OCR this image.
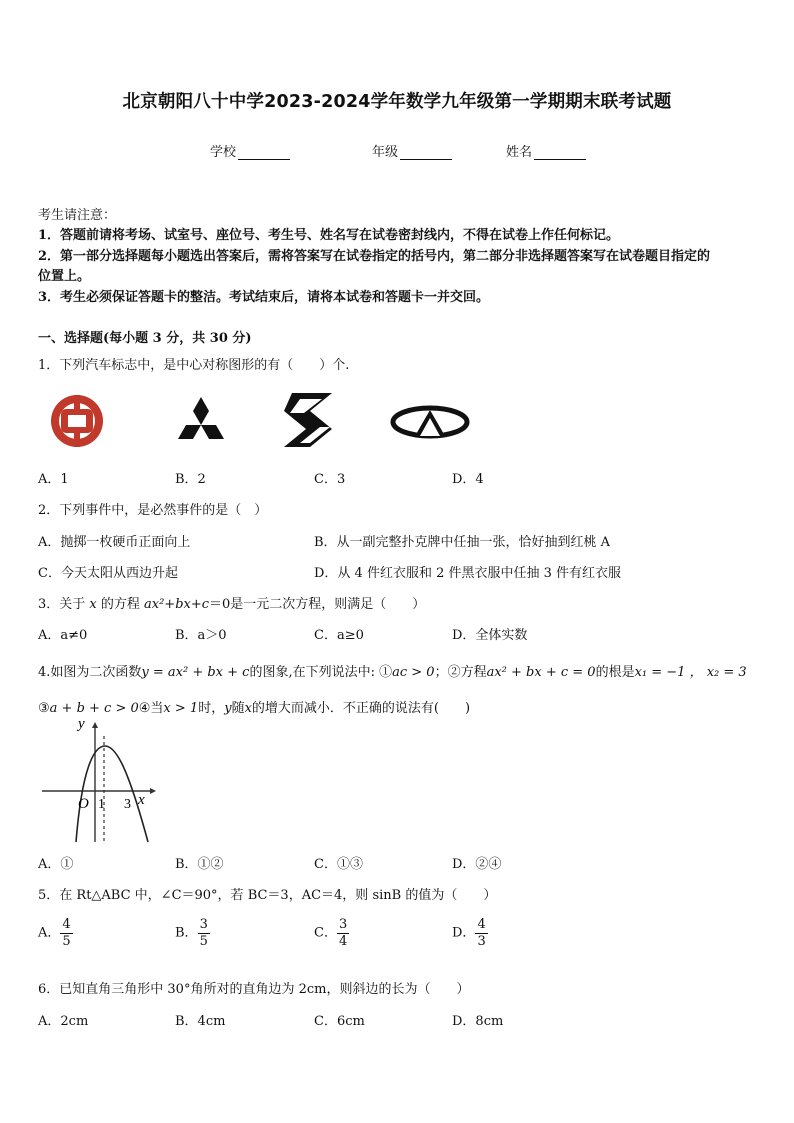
北京朝阳八十中学2023-2024学年数学九年级第一学期期末联考试题
学校	年级	姓名
考生请注意：
1．答题前请将考场、试室号、座位号、考生号、姓名写在试卷密封线内，不得在试卷上作任何标记。
2．第一部分选择题每小题选出答案后，需将答案写在试卷指定的括号内，第二部分非选择题答案写在试卷题目指定的
位置上。
3．考生必须保证答题卡的整洁。考试结束后，请将本试卷和答题卡一并交回。
一、选择题(每小题 3 分，共 30 分)
1．下列汽车标志中，是中心对称图形的有（　　）个.
A．1	B．2	C．3	D．4
2．下列事件中，是必然事件的是（　）
A．抛掷一枚硬币正面向上	B．从一副完整扑克牌中任抽一张，恰好抽到红桃 A
C．今天太阳从西边升起	D．从 4 件红衣服和 2 件黑衣服中任抽 3 件有红衣服
3．关于 x 的方程 ax²+bx+c＝0是一元二次方程，则满足（　　）
A．a≠0	B．a＞0	C．a≥0	D．全体实数
4.如图为二次函数y = ax² + bx + c的图象,在下列说法中: ①ac > 0；②方程ax² + bx + c = 0的根是x₁ = −1 ， x₂ = 3
③a + b + c > 0④当x > 1时，y随x的增大而减小．不正确的说法有(　　)
y
x
O 1 3
A．①	B．①②	C．①③	D．②④
5．在 Rt△ABC 中，∠C＝90°，若 BC＝3，AC＝4，则 sinB 的值为（　　）
A． $\frac{4}{5}$	B． $\frac{3}{5}$	C． $\frac{3}{4}$	D． $\frac{4}{3}$
6．已知直角三角形中 30°角所对的直角边为 2cm，则斜边的长为（　　）
A．2cm	B．4cm	C．6cm	D．8cm
